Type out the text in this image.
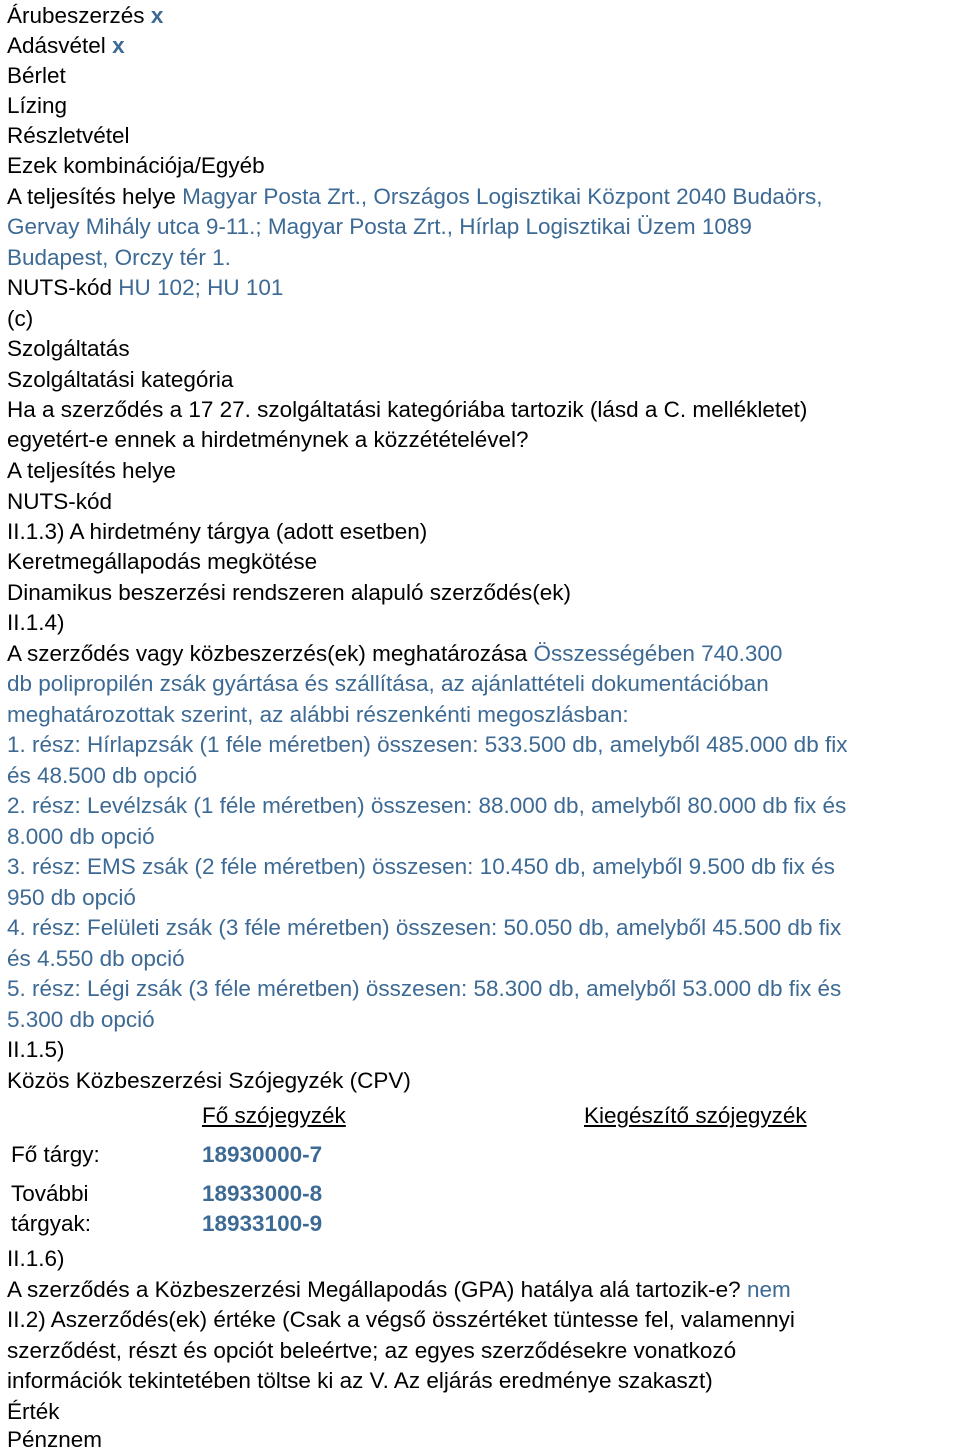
Árubeszerzés x

Adásvétel x

Bérlet

Lízing

Részletvétel

Ezek kombinációja/Egyéb

A teljesítés helye Magyar Posta Zrt., Országos Logisztikai Központ 2040 Budaörs,

Gervay Mihály utca 9-11.; Magyar Posta Zrt., Hírlap Logisztikai Üzem 1089

Budapest, Orczy tér 1.

NUTS-kód HU 102; HU 101

(c)

Szolgáltatás

Szolgáltatási kategória

Ha a szerződés a 17 27. szolgáltatási kategóriába tartozik (lásd a C. mellékletet)

egyetért-e ennek a hirdetménynek a közzétételével?

A teljesítés helye

NUTS-kód

II.1.3) A hirdetmény tárgya (adott esetben)

Keretmegállapodás megkötése

Dinamikus beszerzési rendszeren alapuló szerződés(ek)

II.1.4)

A szerződés vagy közbeszerzés(ek) meghatározása Összességében 740.300

db polipropilén zsák gyártása és szállítása, az ajánlattételi dokumentációban

meghatározottak szerint, az alábbi részenkénti megoszlásban:

1. rész: Hírlapzsák (1 féle méretben) összesen: 533.500 db, amelyből 485.000 db fix

és 48.500 db opció

2. rész: Levélzsák (1 féle méretben) összesen: 88.000 db, amelyből 80.000 db fix és

8.000 db opció

3. rész: EMS zsák (2 féle méretben) összesen: 10.450 db, amelyből 9.500 db fix és

950 db opció

4. rész: Felületi zsák (3 féle méretben) összesen: 50.050 db, amelyből 45.500 db fix

és 4.550 db opció

5. rész: Légi zsák (3 féle méretben) összesen: 58.300 db, amelyből 53.000 db fix és

5.300 db opció

II.1.5)

Közös Közbeszerzési Szójegyzék (CPV)

Fő szójegyzék	Kiegészítő szójegyzék
Fő tárgy:	18930000-7
További
tárgyak:
18933000-8
18933100-9

II.1.6)

A szerződés a Közbeszerzési Megállapodás (GPA) hatálya alá tartozik-e? nem

II.2) Aszerződés(ek) értéke (Csak a végső összértéket tüntesse fel, valamennyi

szerződést, részt és opciót beleértve; az egyes szerződésekre vonatkozó

információk tekintetében töltse ki az V. Az eljárás eredménye szakaszt)

Érték

Pénznem
